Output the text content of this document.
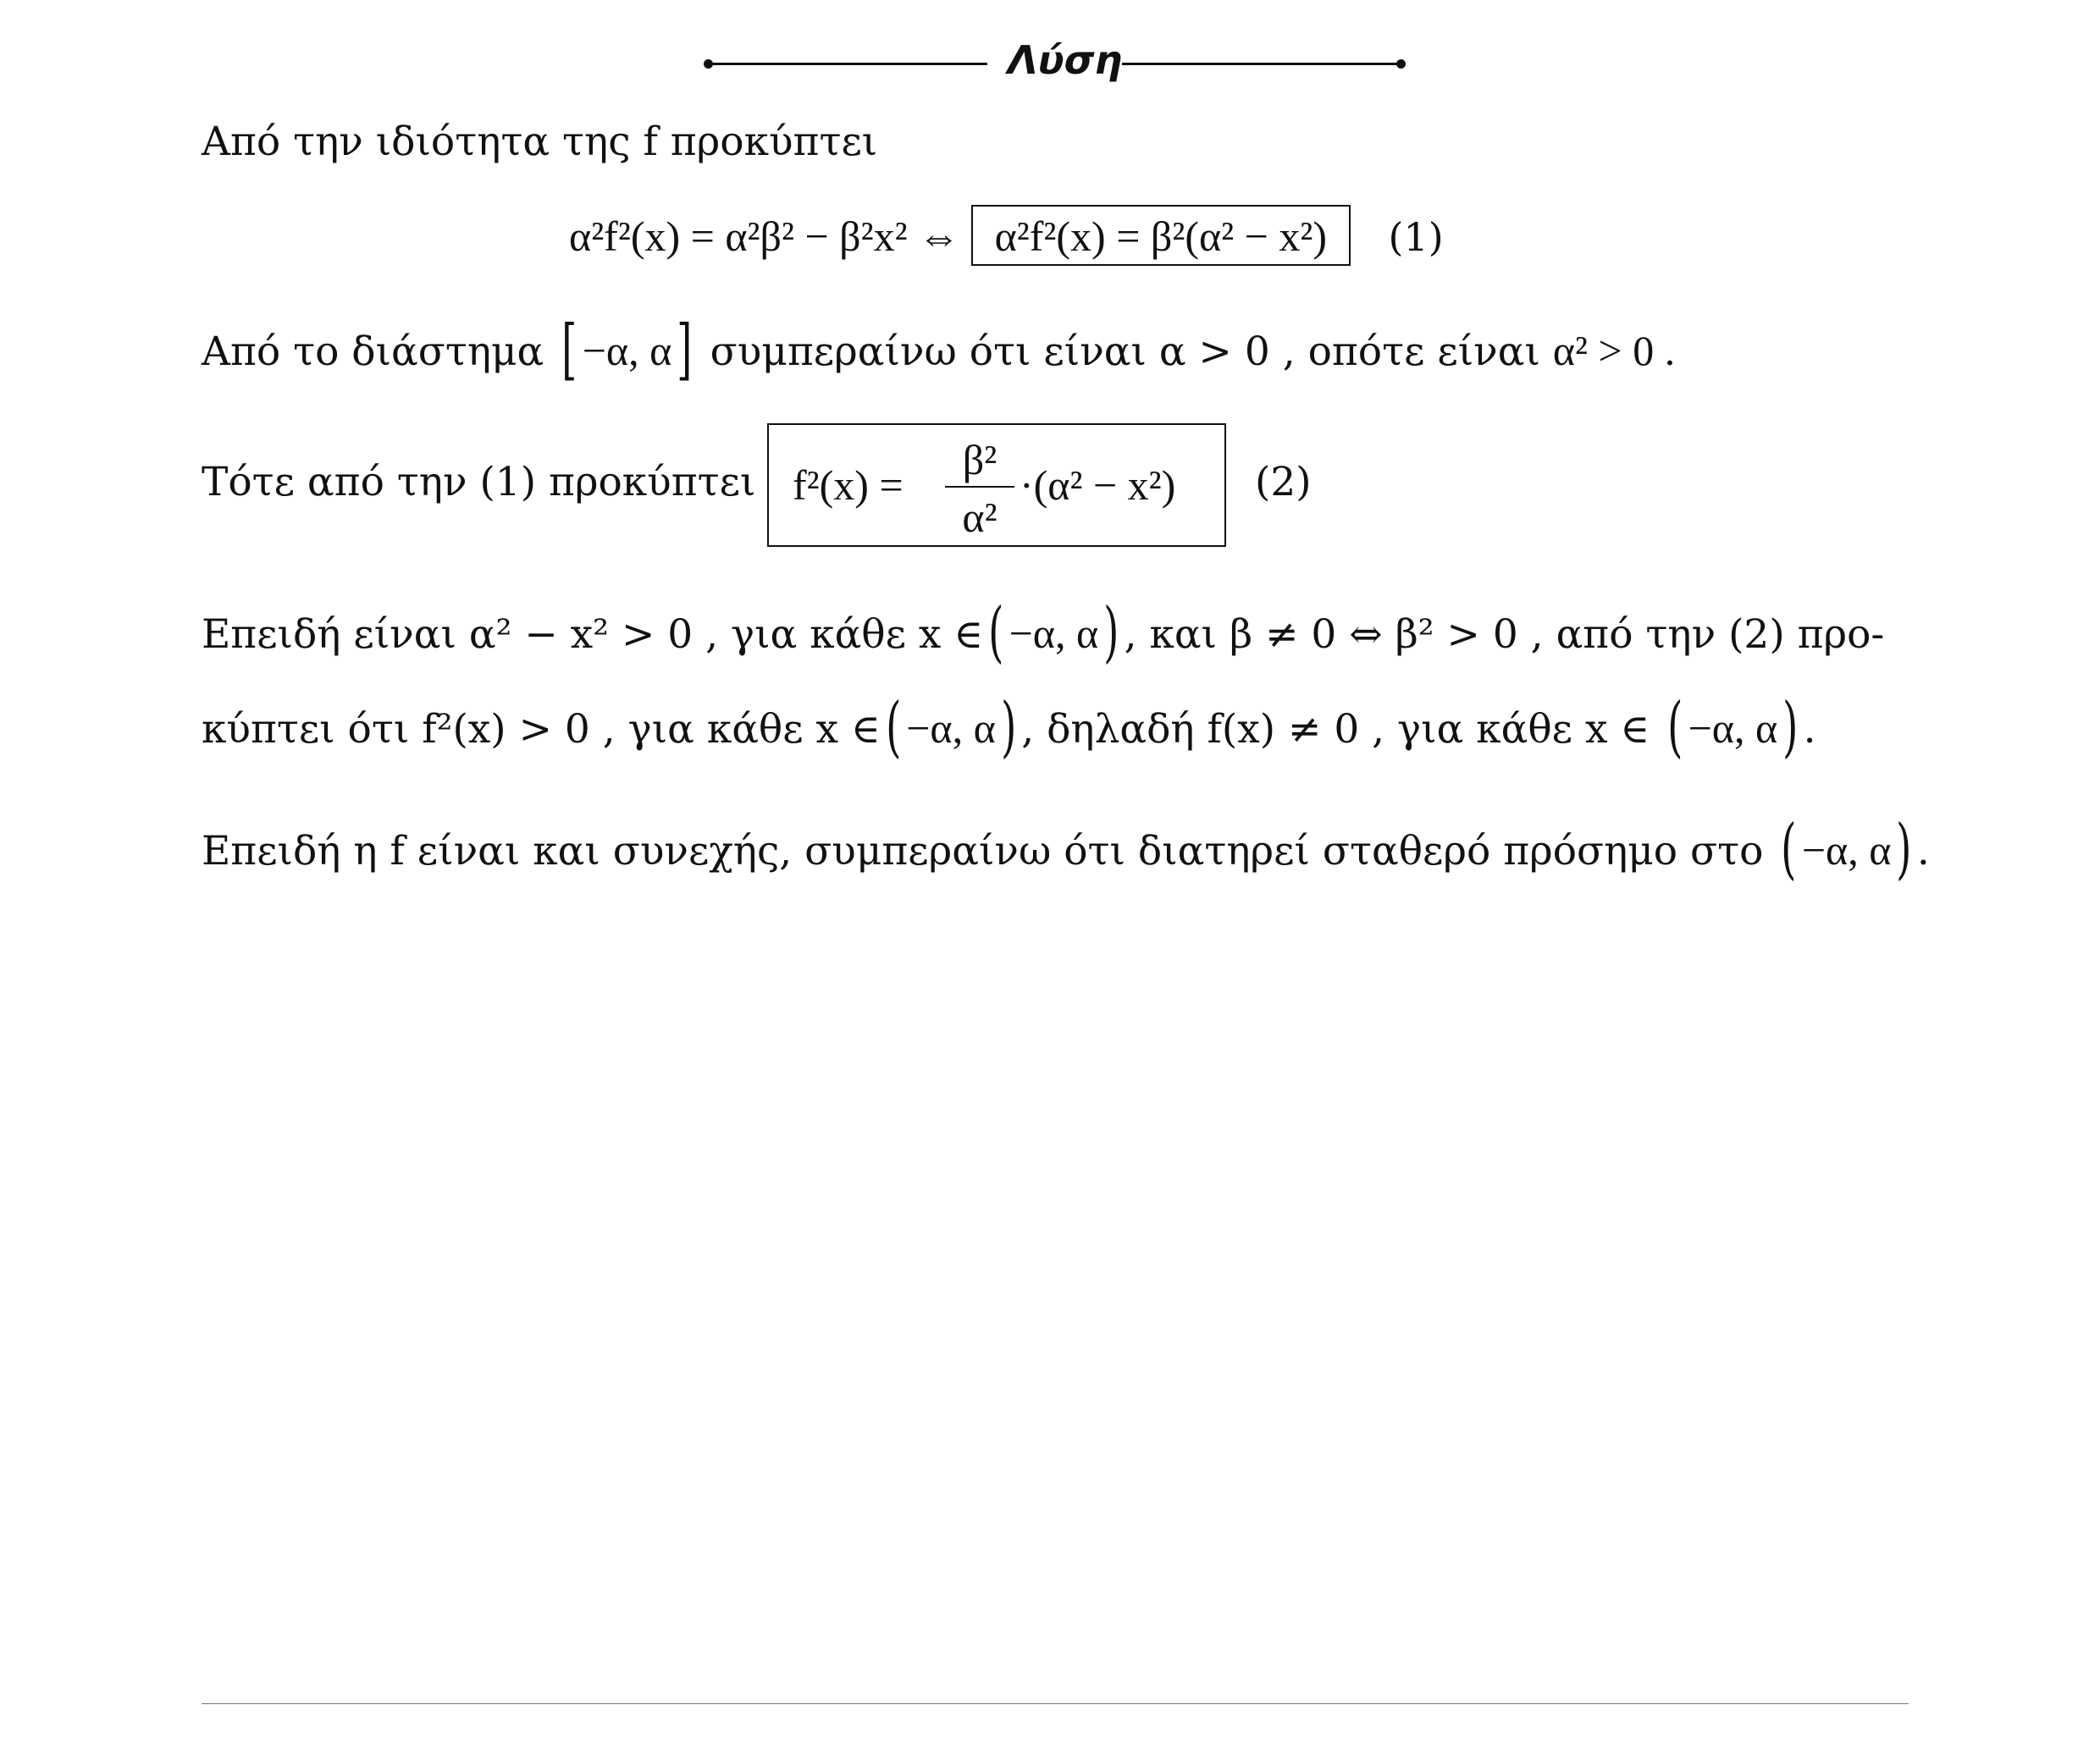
Λύση
Από την ιδιότητα της f προκύπτει
α²f²(x) = α²β² − β²x² ⇔ α²f²(x) = β²(α² − x²) (1)
Από το διάστημα [ −α, α] συμπεραίνω ότι είναι α > 0 , οπότε είναι α² > 0 .
Τότε από την (1) προκύπτει f²(x) =
β²
α²
·(α² − x²) (2)
Επειδή είναι α² − x² > 0 , για κάθε x ∈( −α, α) , και β ≠ 0 ⇔ β² > 0 , από την (2) προ-
κύπτει ότι f²(x) > 0 , για κάθε x ∈( −α, α) , δηλαδή f(x) ≠ 0 , για κάθε x ∈ ( −α, α) .
Επειδή η f είναι και συνεχής, συμπεραίνω ότι διατηρεί σταθερό πρόσημο στο ( −α, α) .
